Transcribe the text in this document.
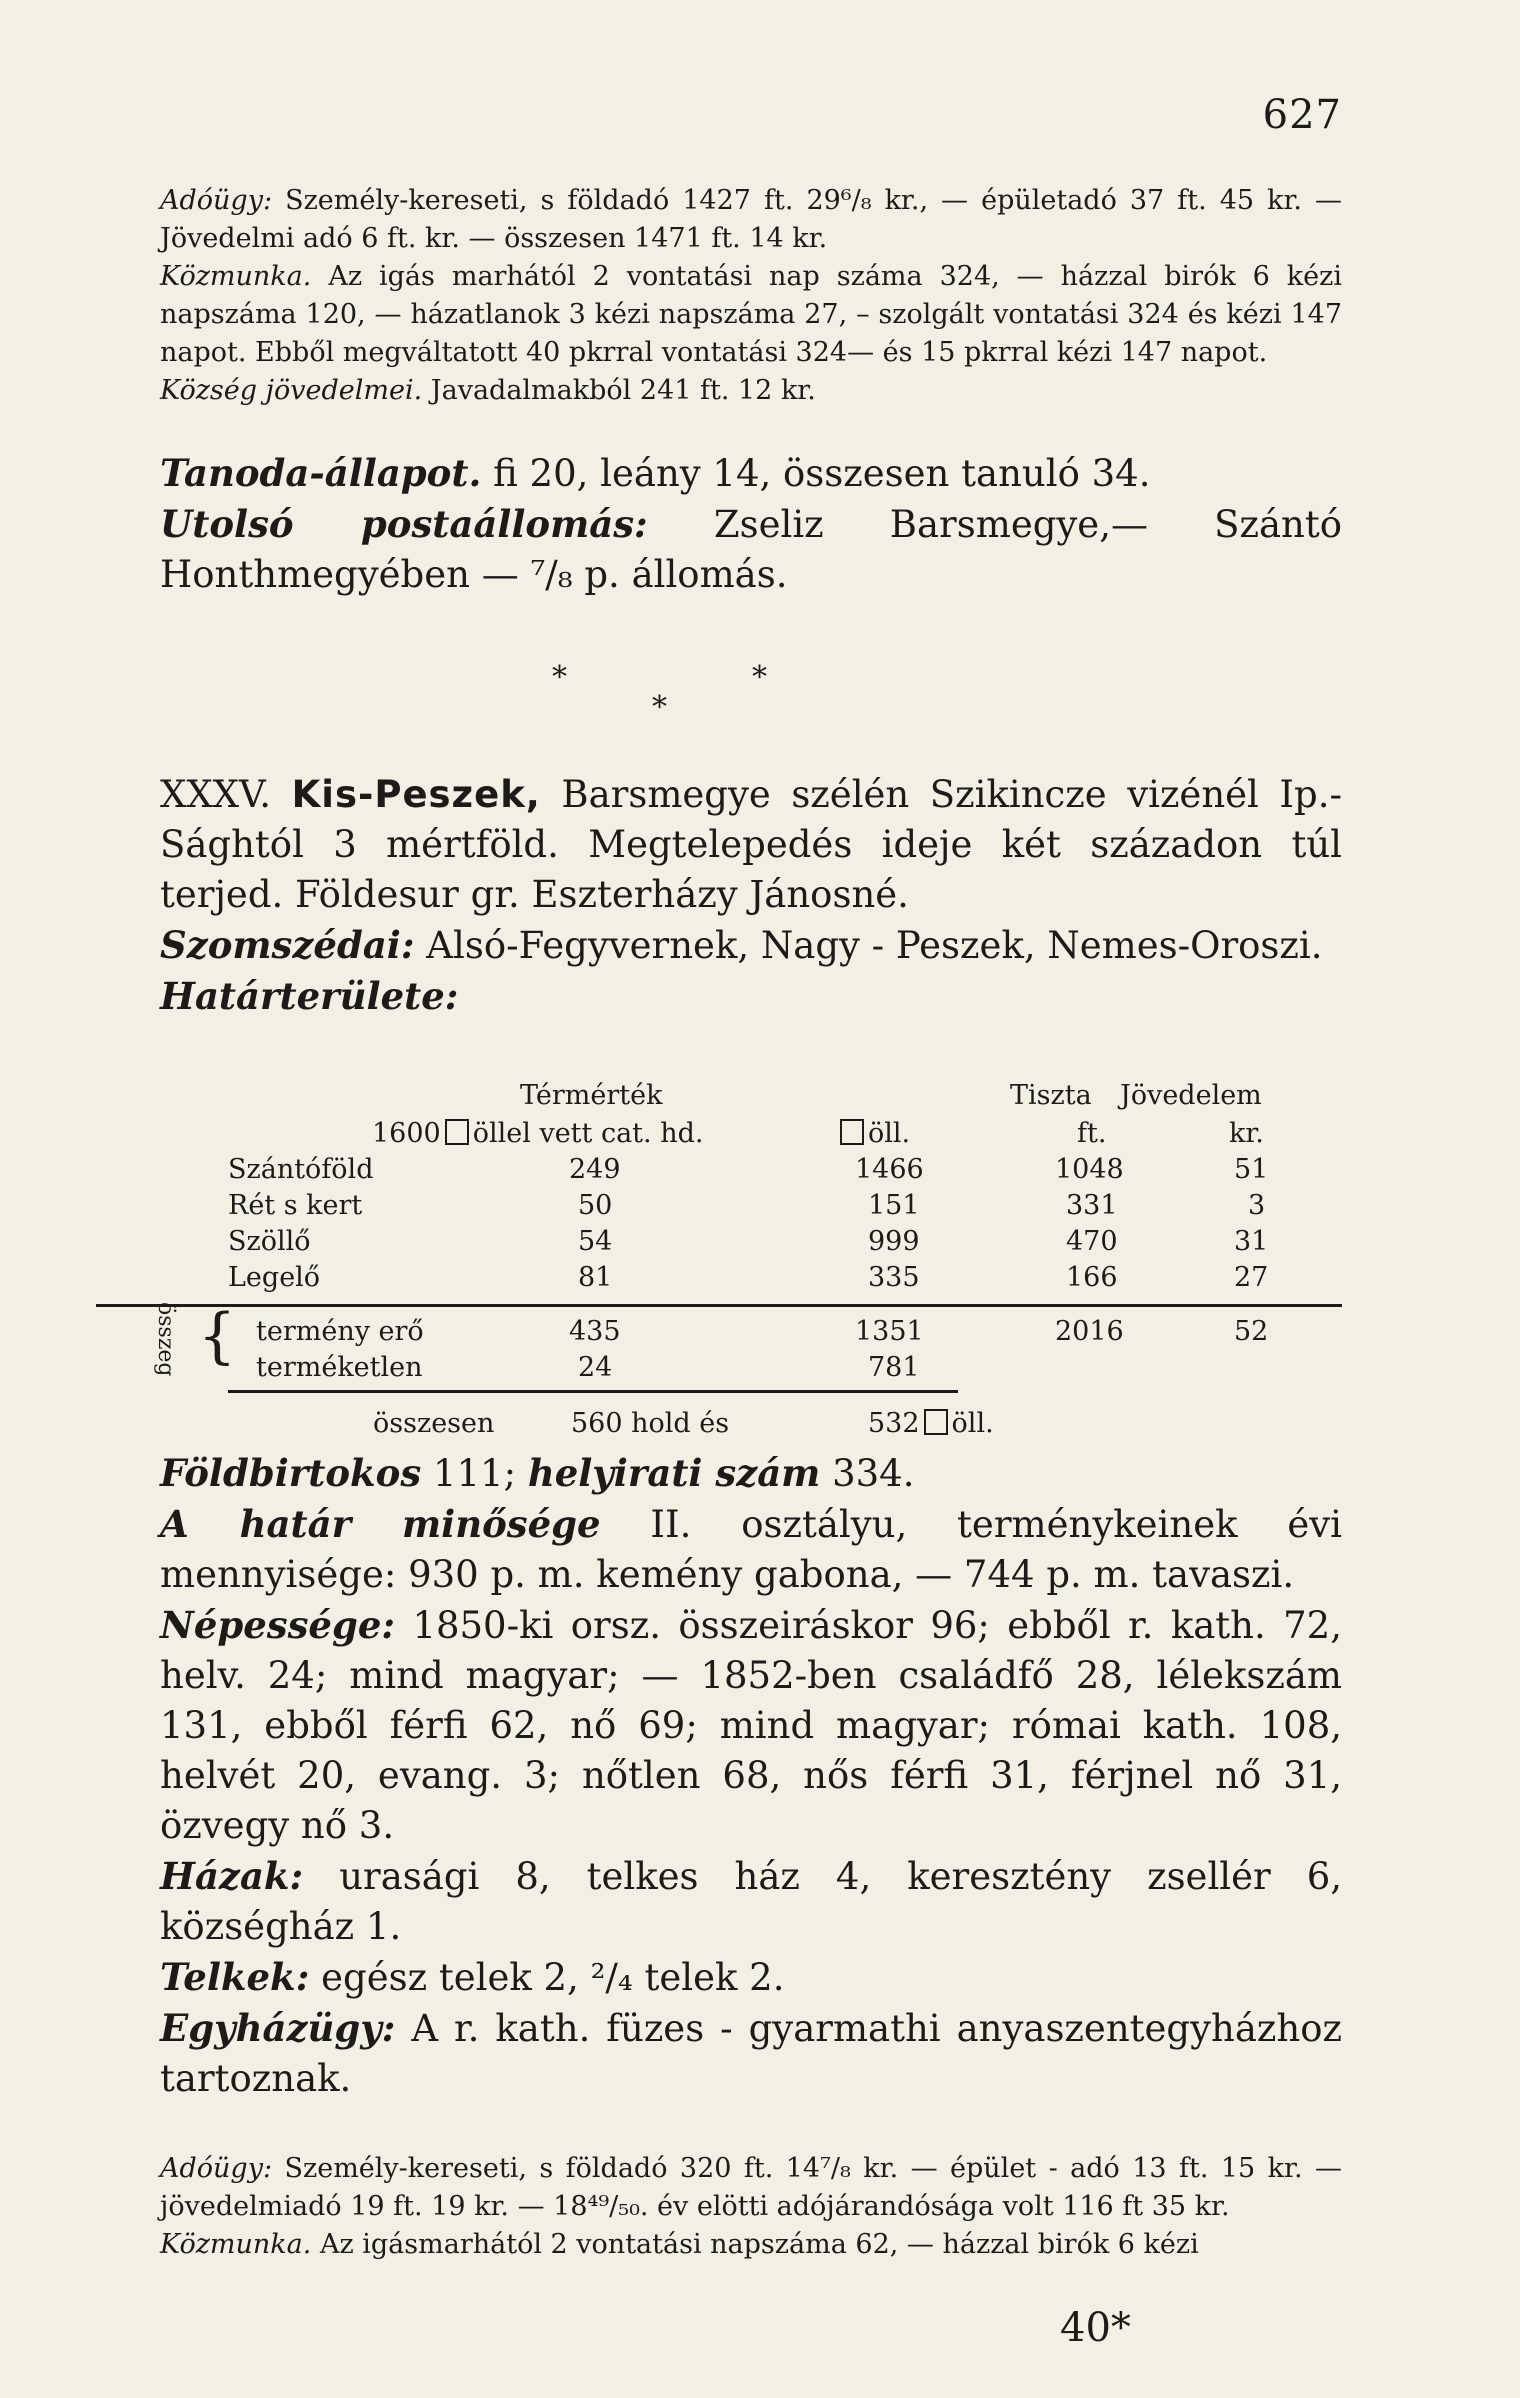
627

Adóügy: Személy-kereseti, s földadó 1427 ft. 29⁶/₈ kr., — épületadó 37 ft. 45 kr. — Jövedelmi adó 6 ft. kr. — összesen 1471 ft. 14 kr.

Közmunka. Az igás marhától 2 vontatási nap száma 324, — házzal birók 6 kézi napszáma 120, — házatlanok 3 kézi napszáma 27, – szolgált vontatási 324 és kézi 147 napot. Ebből megváltatott 40 pkrral vontatási 324— és 15 pkrral kézi 147 napot.

Község jövedelmei. Javadalmakból 241 ft. 12 kr.

Tanoda-állapot. fi 20, leány 14, összesen tanuló 34.

Utolsó postaállomás: Zseliz Barsmegye,— Szántó Honthmegyében — ⁷/₈ p. állomás.

*	*
*

XXXV. Kis-Peszek, Barsmegye szélén Szikincze vizénél Ip.-Sághtól 3 mértföld. Megtelepedés ideje két századon túl terjed. Földesur gr. Eszterházy Jánosné.

Szomszédai: Alsó-Fegyvernek, Nagy - Peszek, Nemes-Oroszi.

Határterülete:

Térmérték	Tiszta Jövedelem
1600 öllel vett cat. hd.	öll.	ft.	kr.
Szántóföld	249	1466	1048	51
Rét s kert	50	151	331	3
Szöllő	54	999	470	31
Legelő	81	335	166	27
összeg { termény erő	435	1351	2016	52
terméketlen	24	781
összesen	560 hold és	532 öll.

Földbirtokos 111; helyirati szám 334.

A határ minősége II. osztályu, terménykeinek évi mennyisége: 930 p. m. kemény gabona, — 744 p. m. tavaszi.

Népessége: 1850-ki orsz. összeiráskor 96; ebből r. kath. 72, helv. 24; mind magyar; — 1852-ben családfő 28, lélekszám 131, ebből férfi 62, nő 69; mind magyar; római kath. 108, helvét 20, evang. 3; nőtlen 68, nős férfi 31, férjnel nő 31, özvegy nő 3.

Házak: urasági 8, telkes ház 4, keresztény zsellér 6, községház 1.

Telkek: egész telek 2, ²/₄ telek 2.

Egyházügy: A r. kath. füzes - gyarmathi anyaszentegyházhoz tartoznak.

Adóügy: Személy-kereseti, s földadó 320 ft. 14⁷/₈ kr. — épület - adó 13 ft. 15 kr. — jövedelmiadó 19 ft. 19 kr. — 18⁴⁹/₅₀. év elötti adójárandósága volt 116 ft 35 kr.

Közmunka. Az igásmarhától 2 vontatási napszáma 62, — házzal birók 6 kézi

40*
